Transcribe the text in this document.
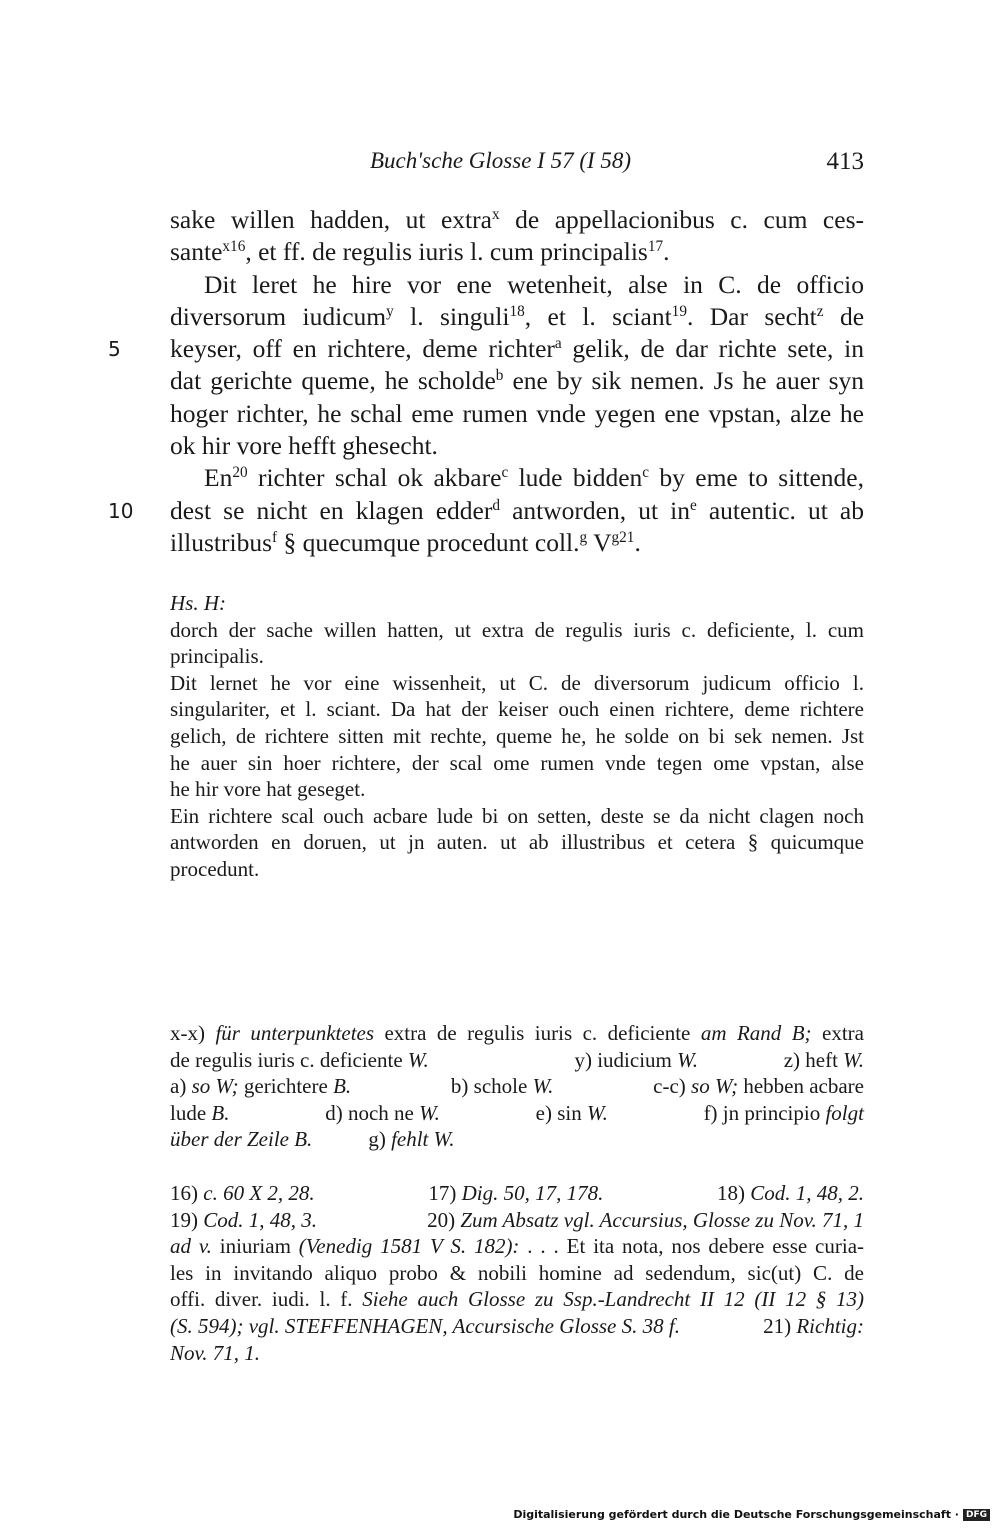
Buch'sche Glosse I 57 (I 58)	413
sake willen hadden, ut extra$^x$ de appellacionibus c. cum ces-
sante$^{x16}$, et ff. de regulis iuris l. cum principalis$^{17}$.
Dit leret he hire vor ene wetenheit, alse in C. de officio
diversorum iudicum$^y$ l. singuli$^{18}$, et l. sciant$^{19}$. Dar secht$^z$ de
5	keyser, off en richtere, deme richter$^a$ gelik, de dar richte sete, in
dat gerichte queme, he scholde$^b$ ene by sik nemen. Js he auer syn
hoger richter, he schal eme rumen vnde yegen ene vpstan, alze he
ok hir vore hefft ghesecht.
En$^{20}$ richter schal ok akbare$^c$ lude bidden$^c$ by eme to sittende,
10 dest se nicht en klagen edder$^d$ antworden, ut $in^e$ autentic. ut ab
illustribus$^f$ § quecumque procedunt coll.$^g$ $V^{g21}$.
Hs. H:
dorch der sache willen hatten, ut extra de regulis iuris c. deficiente, l. cum
principalis.
Dit lernet he vor eine wissenheit, ut C. de diversorum judicum officio l.
singulariter, et l. sciant. Da hat der keiser ouch einen richtere, deme richtere
gelich, de richtere sitten mit rechte, queme he, he solde on bi sek nemen. Jst
he auer sin hoer richtere, der scal ome rumen vnde tegen ome vpstan, alse
he hir vore hat geseget.
Ein richtere scal ouch acbare lude bi on setten, deste se da nicht clagen noch
antworden en doruen, ut jn auten. ut ab illustribus et cetera § quicumque
procedunt.
x-x) für unterpunktetes extra de regulis iuris c. deficiente am Rand B; extra
de regulis iuris c. deficiente W.	y) iudicium W.	z) heft W.
a) so W; gerichtere B.	b) schole W.	c-c) so W; hebben acbare
lude B.	d) noch ne W.	e) sin W.	f) jn principio folgt
über der Zeile B.	g) fehlt W.
16) c. 60 X 2, 28.	17) Dig. 50, 17, 178.	18) Cod. 1, 48, 2.
19) Cod. 1, 48, 3.	20) Zum Absatz vgl. Accursius, Glosse zu Nov. 71, 1
ad v. iniuriam (Venedig 1581 V S. 182): . . . Et ita nota, nos debere esse curia-
les in invitando aliquo probo & nobili homine ad sedendum, sic(ut) C. de
offi. diver. iudi. l. f. Siehe auch Glosse zu Ssp.-Landrecht II 12 (II 12 § 13)
(S. 594); vgl. STEFFENHAGEN, Accursische Glosse S. 38 f.	21) Richtig:
Nov. 71, 1.
Digitalisierung gefördert durch die Deutsche Forschungsgemeinschaft · DFG
